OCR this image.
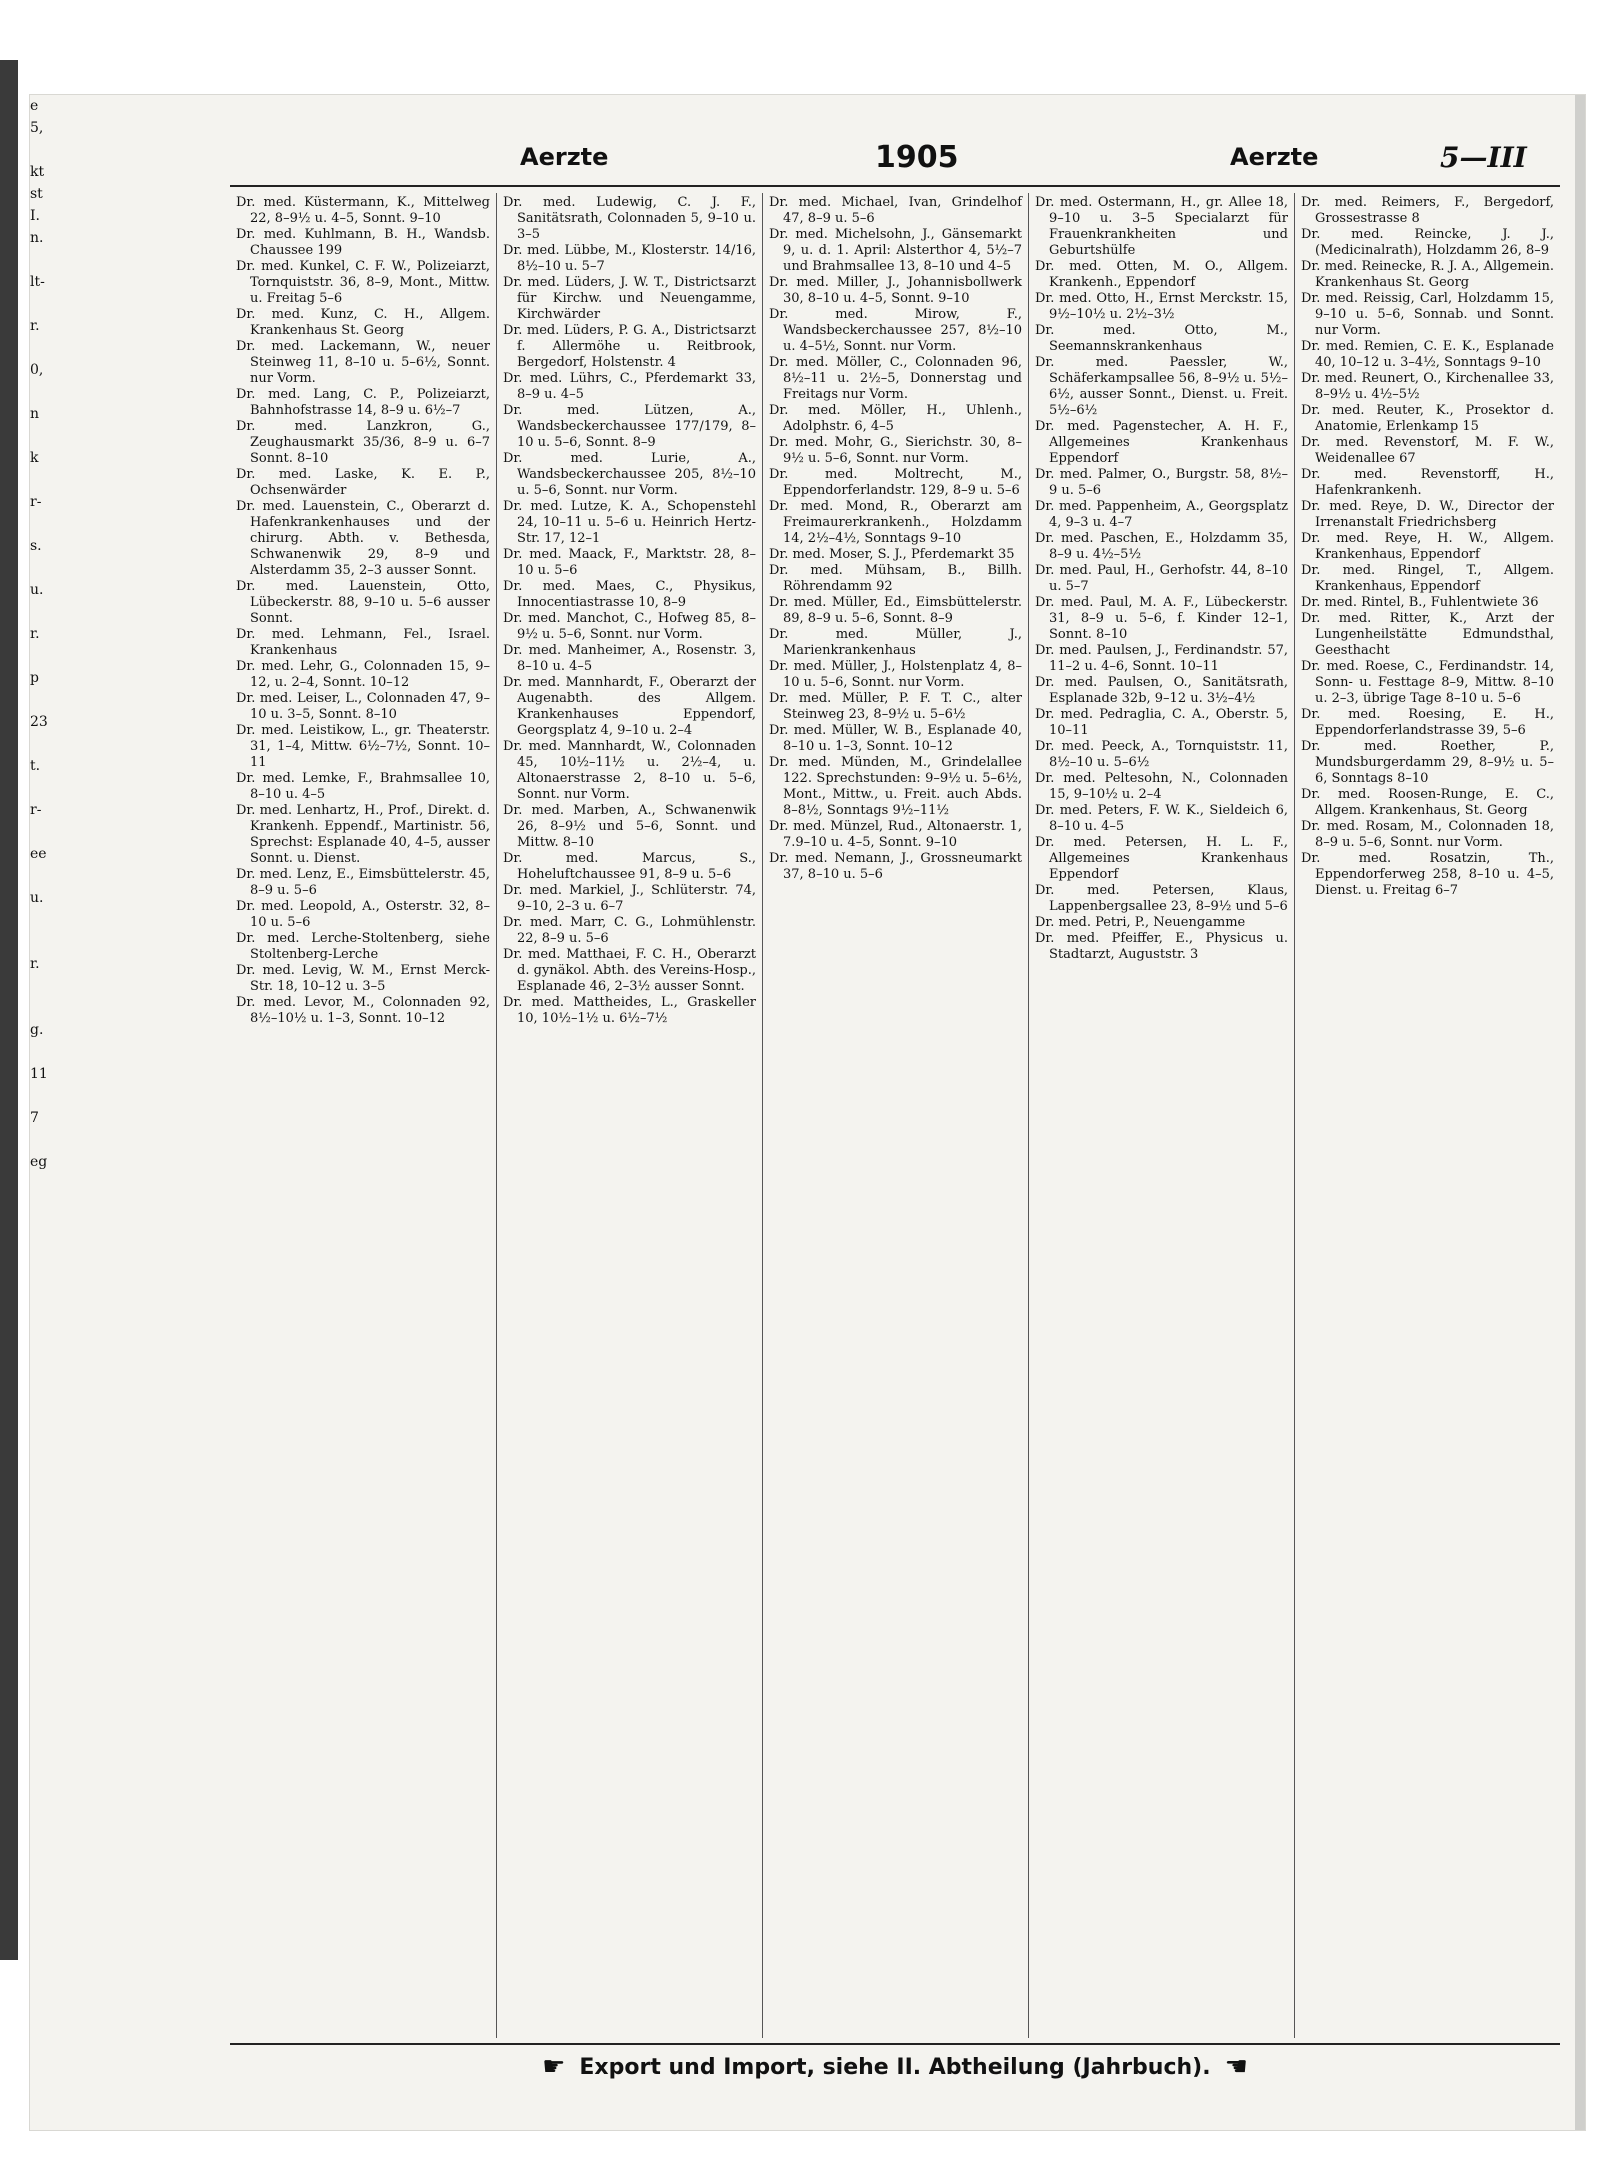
e
5,

kt
st
I.
n.

lt-

r.

0,

n

k

r-

s.

u.

r.

p

23

t.

r-

ee

u.

r.

g.

11

7

eg
Aerzte	1905	Aerzte	5—III

Dr. med. Küstermann, K., Mittelweg 22, 8–9½ u. 4–5, Sonnt. 9–10

Dr. med. Kuhlmann, B. H., Wandsb. Chaussee 199

Dr. med. Kunkel, C. F. W., Polizeiarzt, Tornquiststr. 36, 8–9, Mont., Mittw. u. Freitag 5–6

Dr. med. Kunz, C. H., Allgem. Krankenhaus St. Georg

Dr. med. Lackemann, W., neuer Steinweg 11, 8–10 u. 5–6½, Sonnt. nur Vorm.

Dr. med. Lang, C. P., Polizeiarzt, Bahnhofstrasse 14, 8–9 u. 6½–7

Dr. med. Lanzkron, G., Zeughausmarkt 35/36, 8–9 u. 6–7 Sonnt. 8–10

Dr. med. Laske, K. E. P., Ochsenwärder

Dr. med. Lauenstein, C., Oberarzt d. Hafenkrankenhauses und der chirurg. Abth. v. Bethesda, Schwanenwik 29, 8–9 und Alsterdamm 35, 2–3 ausser Sonnt.

Dr. med. Lauenstein, Otto, Lübeckerstr. 88, 9–10 u. 5–6 ausser Sonnt.

Dr. med. Lehmann, Fel., Israel. Krankenhaus

Dr. med. Lehr, G., Colonnaden 15, 9–12, u. 2–4, Sonnt. 10–12

Dr. med. Leiser, L., Colonnaden 47, 9–10 u. 3–5, Sonnt. 8–10

Dr. med. Leistikow, L., gr. Theaterstr. 31, 1–4, Mittw. 6½–7½, Sonnt. 10–11

Dr. med. Lemke, F., Brahmsallee 10, 8–10 u. 4–5

Dr. med. Lenhartz, H., Prof., Direkt. d. Krankenh. Eppendf., Martinistr. 56, Sprechst: Esplanade 40, 4–5, ausser Sonnt. u. Dienst.

Dr. med. Lenz, E., Eimsbüttelerstr. 45, 8–9 u. 5–6

Dr. med. Leopold, A., Osterstr. 32, 8–10 u. 5–6

Dr. med. Lerche-Stoltenberg, siehe Stoltenberg-Lerche

Dr. med. Levig, W. M., Ernst Merck-Str. 18, 10–12 u. 3–5

Dr. med. Levor, M., Colonnaden 92, 8½–10½ u. 1–3, Sonnt. 10–12

Dr. med. Ludewig, C. J. F., Sanitätsrath, Colonnaden 5, 9–10 u. 3–5

Dr. med. Lübbe, M., Klosterstr. 14/16, 8½–10 u. 5–7

Dr. med. Lüders, J. W. T., Districtsarzt für Kirchw. und Neuengamme, Kirchwärder

Dr. med. Lüders, P. G. A., Districtsarzt f. Allermöhe u. Reitbrook, Bergedorf, Holstenstr. 4

Dr. med. Lührs, C., Pferdemarkt 33, 8–9 u. 4–5

Dr. med. Lützen, A., Wandsbeckerchaussee 177/179, 8–10 u. 5–6, Sonnt. 8–9

Dr. med. Lurie, A., Wandsbeckerchaussee 205, 8½–10 u. 5–6, Sonnt. nur Vorm.

Dr. med. Lutze, K. A., Schopenstehl 24, 10–11 u. 5–6 u. Heinrich Hertz-Str. 17, 12–1

Dr. med. Maack, F., Marktstr. 28, 8–10 u. 5–6

Dr. med. Maes, C., Physikus, Innocentiastrasse 10, 8–9

Dr. med. Manchot, C., Hofweg 85, 8–9½ u. 5–6, Sonnt. nur Vorm.

Dr. med. Manheimer, A., Rosenstr. 3, 8–10 u. 4–5

Dr. med. Mannhardt, F., Oberarzt der Augenabth. des Allgem. Krankenhauses Eppendorf, Georgsplatz 4, 9–10 u. 2–4

Dr. med. Mannhardt, W., Colonnaden 45, 10½–11½ u. 2½–4, u. Altonaerstrasse 2, 8–10 u. 5–6, Sonnt. nur Vorm.

Dr. med. Marben, A., Schwanenwik 26, 8–9½ und 5–6, Sonnt. und Mittw. 8–10

Dr. med. Marcus, S., Hoheluftchaussee 91, 8–9 u. 5–6

Dr. med. Markiel, J., Schlüterstr. 74, 9–10, 2–3 u. 6–7

Dr. med. Marr, C. G., Lohmühlenstr. 22, 8–9 u. 5–6

Dr. med. Matthaei, F. C. H., Oberarzt d. gynäkol. Abth. des Vereins-Hosp., Esplanade 46, 2–3½ ausser Sonnt.

Dr. med. Mattheides, L., Graskeller 10, 10½–1½ u. 6½–7½

Dr. med. Michael, Ivan, Grindelhof 47, 8–9 u. 5–6

Dr. med. Michelsohn, J., Gänsemarkt 9, u. d. 1. April: Alsterthor 4, 5½–7 und Brahmsallee 13, 8–10 und 4–5

Dr. med. Miller, J., Johannisbollwerk 30, 8–10 u. 4–5, Sonnt. 9–10

Dr. med. Mirow, F., Wandsbeckerchaussee 257, 8½–10 u. 4–5½, Sonnt. nur Vorm.

Dr. med. Möller, C., Colonnaden 96, 8½–11 u. 2½–5, Donnerstag und Freitags nur Vorm.

Dr. med. Möller, H., Uhlenh., Adolphstr. 6, 4–5

Dr. med. Mohr, G., Sierichstr. 30, 8–9½ u. 5–6, Sonnt. nur Vorm.

Dr. med. Moltrecht, M., Eppendorferlandstr. 129, 8–9 u. 5–6

Dr. med. Mond, R., Oberarzt am Freimaurerkrankenh., Holzdamm 14, 2½–4½, Sonntags 9–10

Dr. med. Moser, S. J., Pferdemarkt 35

Dr. med. Mühsam, B., Billh. Röhrendamm 92

Dr. med. Müller, Ed., Eimsbüttelerstr. 89, 8–9 u. 5–6, Sonnt. 8–9

Dr. med. Müller, J., Marienkrankenhaus

Dr. med. Müller, J., Holstenplatz 4, 8–10 u. 5–6, Sonnt. nur Vorm.

Dr. med. Müller, P. F. T. C., alter Steinweg 23, 8–9½ u. 5–6½

Dr. med. Müller, W. B., Esplanade 40, 8–10 u. 1–3, Sonnt. 10–12

Dr. med. Münden, M., Grindelallee 122. Sprechstunden: 9–9½ u. 5–6½, Mont., Mittw., u. Freit. auch Abds. 8–8½, Sonntags 9½–11½

Dr. med. Münzel, Rud., Altonaerstr. 1, 7.9–10 u. 4–5, Sonnt. 9–10

Dr. med. Nemann, J., Grossneumarkt 37, 8–10 u. 5–6

Dr. med. Ostermann, H., gr. Allee 18, 9–10 u. 3–5 Specialarzt für Frauenkrankheiten und Geburtshülfe

Dr. med. Otten, M. O., Allgem. Krankenh., Eppendorf

Dr. med. Otto, H., Ernst Merckstr. 15, 9½–10½ u. 2½–3½

Dr. med. Otto, M., Seemannskrankenhaus

Dr. med. Paessler, W., Schäferkampsallee 56, 8–9½ u. 5½–6½, ausser Sonnt., Dienst. u. Freit. 5½–6½

Dr. med. Pagenstecher, A. H. F., Allgemeines Krankenhaus Eppendorf

Dr. med. Palmer, O., Burgstr. 58, 8½–9 u. 5–6

Dr. med. Pappenheim, A., Georgsplatz 4, 9–3 u. 4–7

Dr. med. Paschen, E., Holzdamm 35, 8–9 u. 4½–5½

Dr. med. Paul, H., Gerhofstr. 44, 8–10 u. 5–7

Dr. med. Paul, M. A. F., Lübeckerstr. 31, 8–9 u. 5–6, f. Kinder 12–1, Sonnt. 8–10

Dr. med. Paulsen, J., Ferdinandstr. 57, 11–2 u. 4–6, Sonnt. 10–11

Dr. med. Paulsen, O., Sanitätsrath, Esplanade 32b, 9–12 u. 3½–4½

Dr. med. Pedraglia, C. A., Oberstr. 5, 10–11

Dr. med. Peeck, A., Tornquiststr. 11, 8½–10 u. 5–6½

Dr. med. Peltesohn, N., Colonnaden 15, 9–10½ u. 2–4

Dr. med. Peters, F. W. K., Sieldeich 6, 8–10 u. 4–5

Dr. med. Petersen, H. L. F., Allgemeines Krankenhaus Eppendorf

Dr. med. Petersen, Klaus, Lappenbergsallee 23, 8–9½ und 5–6

Dr. med. Petri, P., Neuengamme

Dr. med. Pfeiffer, E., Physicus u. Stadtarzt, Auguststr. 3

Dr. med. Reimers, F., Bergedorf, Grossestrasse 8

Dr. med. Reincke, J. J., (Medicinalrath), Holzdamm 26, 8–9

Dr. med. Reinecke, R. J. A., Allgemein. Krankenhaus St. Georg

Dr. med. Reissig, Carl, Holzdamm 15, 9–10 u. 5–6, Sonnab. und Sonnt. nur Vorm.

Dr. med. Remien, C. E. K., Esplanade 40, 10–12 u. 3–4½, Sonntags 9–10

Dr. med. Reunert, O., Kirchenallee 33, 8–9½ u. 4½–5½

Dr. med. Reuter, K., Prosektor d. Anatomie, Erlenkamp 15

Dr. med. Revenstorf, M. F. W., Weidenallee 67

Dr. med. Revenstorff, H., Hafenkrankenh.

Dr. med. Reye, D. W., Director der Irrenanstalt Friedrichsberg

Dr. med. Reye, H. W., Allgem. Krankenhaus, Eppendorf

Dr. med. Ringel, T., Allgem. Krankenhaus, Eppendorf

Dr. med. Rintel, B., Fuhlentwiete 36

Dr. med. Ritter, K., Arzt der Lungenheilstätte Edmundsthal, Geesthacht

Dr. med. Roese, C., Ferdinandstr. 14, Sonn- u. Festtage 8–9, Mittw. 8–10 u. 2–3, übrige Tage 8–10 u. 5–6

Dr. med. Roesing, E. H., Eppendorferlandstrasse 39, 5–6

Dr. med. Roether, P., Mundsburgerdamm 29, 8–9½ u. 5–6, Sonntags 8–10

Dr. med. Roosen-Runge, E. C., Allgem. Krankenhaus, St. Georg

Dr. med. Rosam, M., Colonnaden 18, 8–9 u. 5–6, Sonnt. nur Vorm.

Dr. med. Rosatzin, Th., Eppendorferweg 258, 8–10 u. 4–5, Dienst. u. Freitag 6–7

☛ Export und Import, siehe II. Abtheilung (Jahrbuch). ☚
